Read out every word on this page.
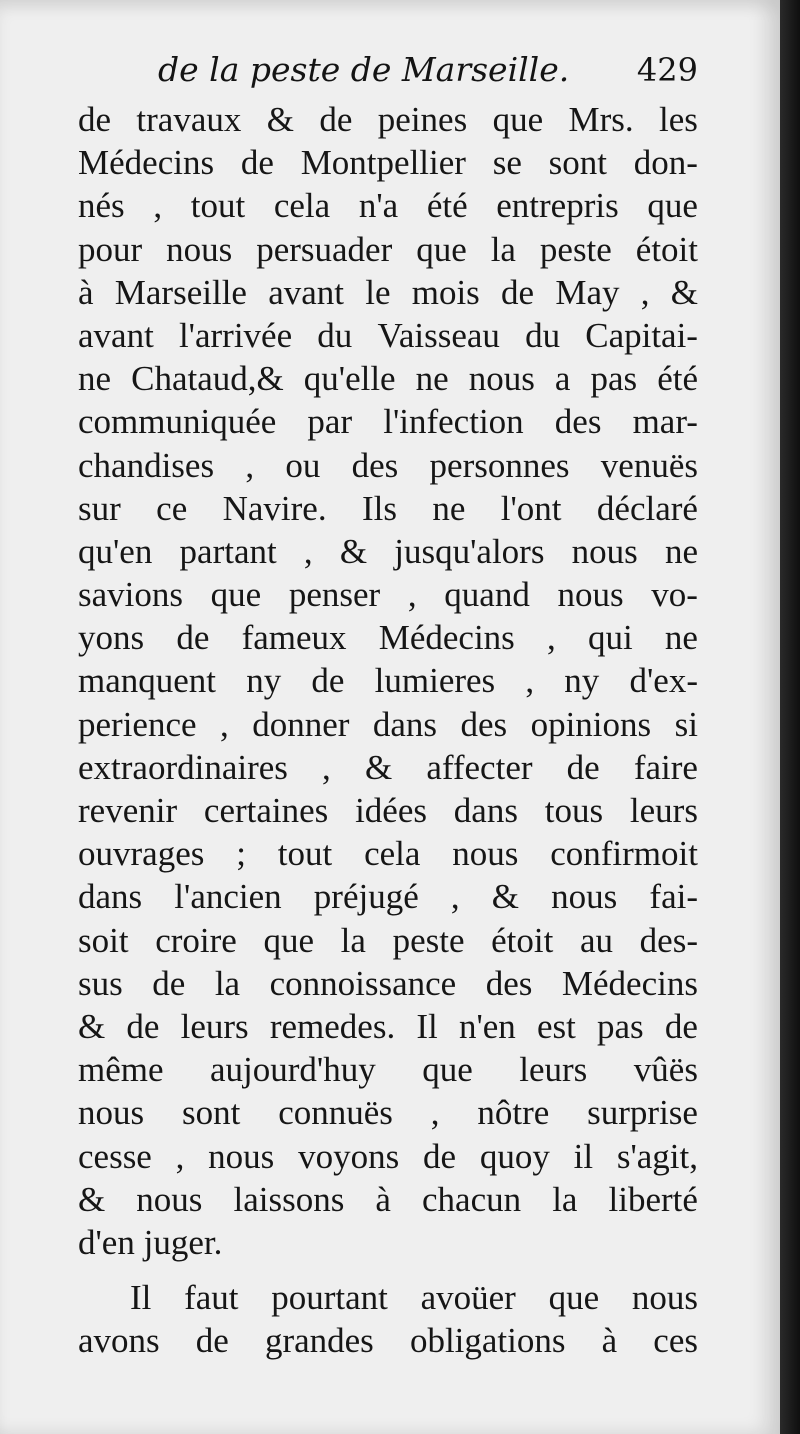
de la peste de Marseille. 429
de travaux & de peines que Mrs. les
Médecins de Montpellier se sont don-
nés , tout cela n'a été entrepris que
pour nous persuader que la peste étoit
à Marseille avant le mois de May , &
avant l'arrivée du Vaisseau du Capitai-
ne Chataud,& qu'elle ne nous a pas été
communiquée par l'infection des mar-
chandises , ou des personnes venuës
sur ce Navire. Ils ne l'ont déclaré
qu'en partant , & jusqu'alors nous ne
savions que penser , quand nous vo-
yons de fameux Médecins , qui ne
manquent ny de lumieres , ny d'ex-
perience , donner dans des opinions si
extraordinaires , & affecter de faire
revenir certaines idées dans tous leurs
ouvrages ; tout cela nous confirmoit
dans l'ancien préjugé , & nous fai-
soit croire que la peste étoit au des-
sus de la connoissance des Médecins
& de leurs remedes. Il n'en est pas de
même aujourd'huy que leurs vûës
nous sont connuës , nôtre surprise
cesse , nous voyons de quoy il s'agit,
& nous laissons à chacun la liberté
d'en juger.
Il faut pourtant avoüer que nous
avons de grandes obligations à ces
